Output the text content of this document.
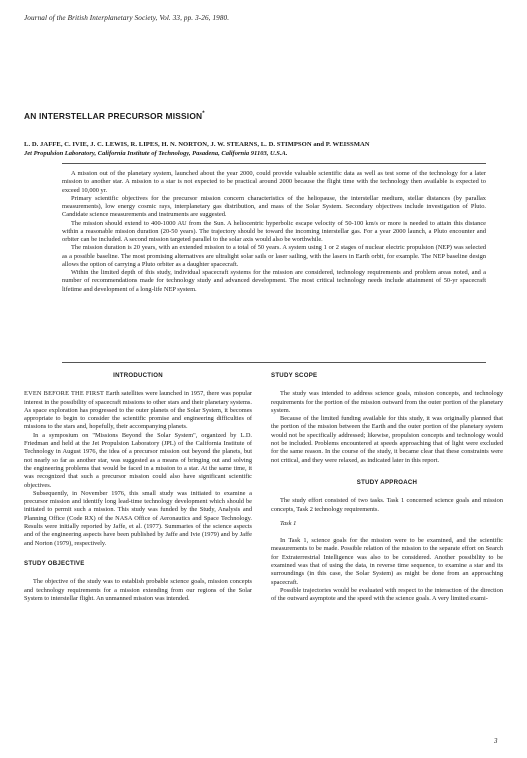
Journal of the British Interplanetary Society, Vol. 33, pp. 3-26, 1980.
AN INTERSTELLAR PRECURSOR MISSION*
L. D. JAFFE, C. IVIE, J. C. LEWIS, R. LIPES, H. N. NORTON, J. W. STEARNS, L. D. STIMPSON and P. WEISSMAN
Jet Propulsion Laboratory, California Institute of Technology, Pasadena, California 91103, U.S.A.

A mission out of the planetary system, launched about the year 2000, could provide valuable scientific data as well as test some of the technology for a later mission to another star. A mission to a star is not expected to be practical around 2000 because the flight time with the technology then available is expected to exceed 10,000 yr.

Primary scientific objectives for the precursor mission concern characteristics of the heliopause, the interstellar medium, stellar distances (by parallax measurements), low energy cosmic rays, interplanetary gas distribution, and mass of the Solar System. Secondary objectives include investigation of Pluto. Candidate science measurements and instruments are suggested.

The mission should extend to 400-1000 AU from the Sun. A heliocentric hyperbolic escape velocity of 50-100 km/s or more is needed to attain this distance within a reasonable mission duration (20-50 years). The trajectory should be toward the incoming interstellar gas. For a year 2000 launch, a Pluto encounter and orbiter can be included. A second mission targeted parallel to the solar axis would also be worthwhile.

The mission duration is 20 years, with an extended mission to a total of 50 years. A system using 1 or 2 stages of nuclear electric propulsion (NEP) was selected as a possible baseline. The most promising alternatives are ultralight solar sails or laser sailing, with the lasers in Earth orbit, for example. The NEP baseline design allows the option of carrying a Pluto orbiter as a daughter spacecraft.

Within the limited depth of this study, individual spacecraft systems for the mission are considered, technology requirements and problem areas noted, and a number of recommendations made for technology study and advanced development. The most critical technology needs include attainment of 50-yr spacecraft lifetime and development of a long-life NEP system.

INTRODUCTION

EVEN BEFORE THE FIRST Earth satellites were launched in 1957, there was popular interest in the possibility of spacecraft missions to other stars and their planetary systems. As space exploration has progressed to the outer planets of the Solar System, it becomes appropriate to begin to consider the scientific promise and engineering difficulties of missions to the stars and, hopefully, their accompanying planets.

In a symposium on "Missions Beyond the Solar System", organized by L.D. Friedman and held at the Jet Propulsion Laboratory (JPL) of the California Institute of Technology in August 1976, the idea of a precursor mission out beyond the planets, but not nearly so far as another star, was suggested as a means of bringing out and solving the engineering problems that would be faced in a mission to a star. At the same time, it was recognized that such a precursor mission could also have significant scientific objectives.

Subsequently, in November 1976, this small study was initiated to examine a precursor mission and identify long lead-time technology development which should be initiated to permit such a mission. This study was funded by the Study, Analysis and Planning Office (Code RX) of the NASA Office of Aeronautics and Space Technology. Results were initially reported by Jaffe, et al. (1977). Summaries of the science aspects and of the engineering aspects have been published by Jaffe and Ivie (1979) and by Jaffe and Norton (1979), respectively.

STUDY OBJECTIVE

The objective of the study was to establish probable science goals, mission concepts and technology requirements for a mission extending from our regions of the Solar System to interstellar flight. An unmanned mission was intended.

STUDY SCOPE

The study was intended to address science goals, mission concepts, and technology requirements for the portion of the mission outward from the outer portion of the planetary system.

Because of the limited funding available for this study, it was originally planned that the portion of the mission between the Earth and the outer portion of the planetary system would not be specifically addressed; likewise, propulsion concepts and technology would not be included. Problems encountered at speeds approaching that of light were excluded for the same reason. In the course of the study, it became clear that these constraints were not critical, and they were relaxed, as indicated later in this report.

STUDY APPROACH

The study effort consisted of two tasks. Task 1 concerned science goals and mission concepts, Task 2 technology requirements.

Task 1

In Task 1, science goals for the mission were to be examined, and the scientific measurements to be made. Possible relation of the mission to the separate effort on Search for Extraterrestrial Intelligence was also to be considered. Another possibility to be examined was that of using the data, in reverse time sequence, to examine a star and its surroundings (in this case, the Solar System) as might be done from an approaching spacecraft.

Possible trajectories would be evaluated with respect to the interaction of the direction of the outward asymptote and the speed with the science goals. A very limited exami-

3
